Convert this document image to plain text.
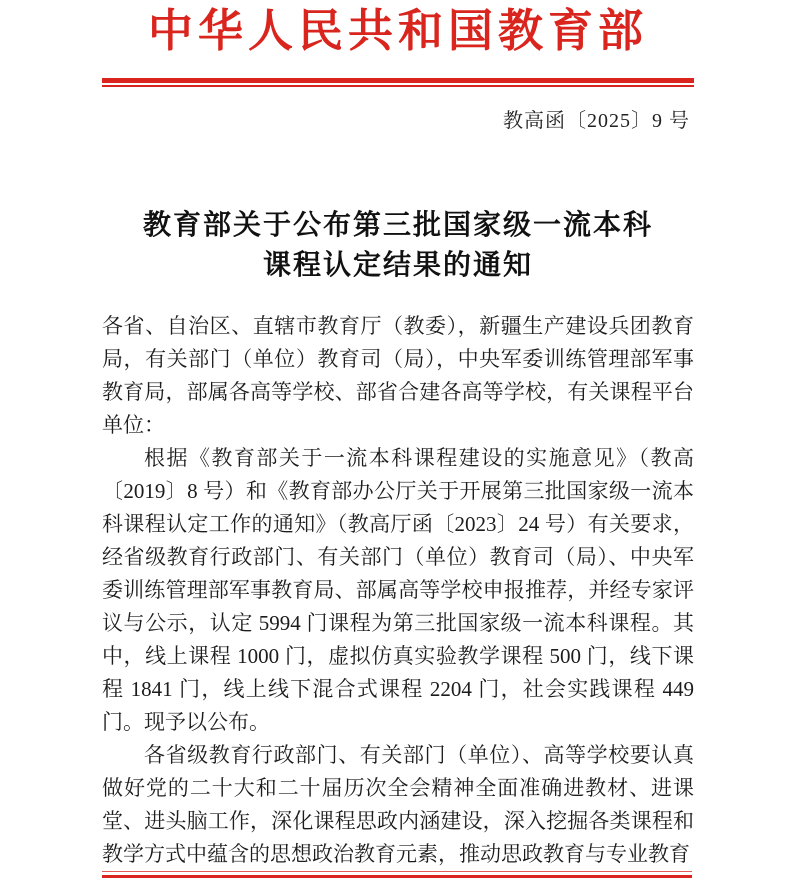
中华人民共和国教育部
教高函〔2025〕9 号
教育部关于公布第三批国家级一流本科
课程认定结果的通知

各省、自治区、直辖市教育厅（教委），新疆生产建设兵团教育局，有关部门（单位）教育司（局），中央军委训练管理部军事教育局，部属各高等学校、部省合建各高等学校，有关课程平台单位：

根据《教育部关于一流本科课程建设的实施意见》（教高〔2019〕8 号）和《教育部办公厅关于开展第三批国家级一流本科课程认定工作的通知》（教高厅函〔2023〕24 号）有关要求，经省级教育行政部门、有关部门（单位）教育司（局）、中央军委训练管理部军事教育局、部属高等学校申报推荐，并经专家评议与公示，认定 5994 门课程为第三批国家级一流本科课程。其中，线上课程 1000 门，虚拟仿真实验教学课程 500 门，线下课程 1841 门，线上线下混合式课程 2204 门，社会实践课程 449 门。现予以公布。

各省级教育行政部门、有关部门（单位）、高等学校要认真做好党的二十大和二十届历次全会精神全面准确进教材、进课堂、进头脑工作，深化课程思政内涵建设，深入挖掘各类课程和教学方式中蕴含的思想政治教育元素，推动思政教育与专业教育
